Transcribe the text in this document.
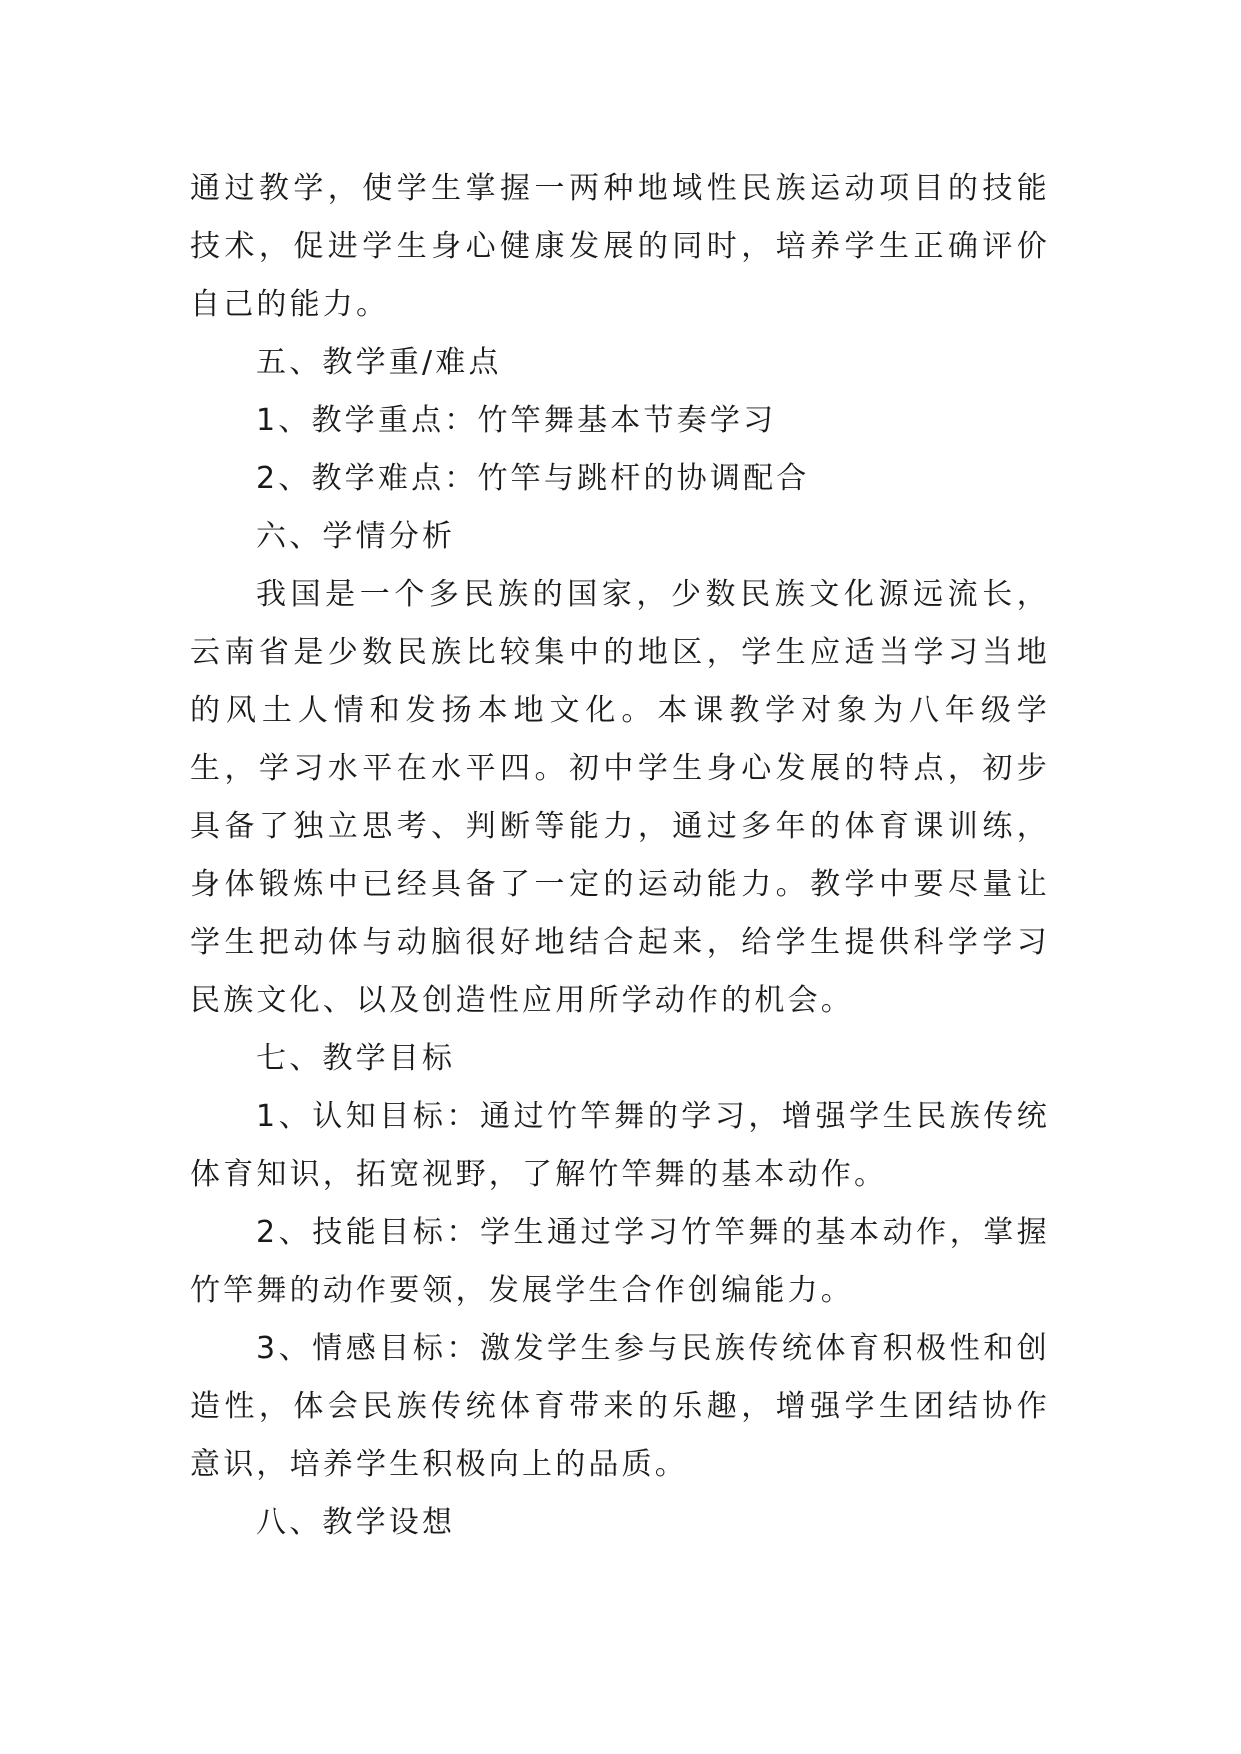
通过教学，使学生掌握一两种地域性民族运动项目的技能技术，促进学生身心健康发展的同时，培养学生正确评价自己的能力。

五、教学重/难点

1、教学重点：竹竿舞基本节奏学习

2、教学难点：竹竿与跳杆的协调配合

六、学情分析

我国是一个多民族的国家，少数民族文化源远流长，云南省是少数民族比较集中的地区，学生应适当学习当地的风土人情和发扬本地文化。本课教学对象为八年级学生，学习水平在水平四。初中学生身心发展的特点，初步具备了独立思考、判断等能力，通过多年的体育课训练，身体锻炼中已经具备了一定的运动能力。教学中要尽量让学生把动体与动脑很好地结合起来，给学生提供科学学习民族文化、以及创造性应用所学动作的机会。

七、教学目标

1、认知目标：通过竹竿舞的学习，增强学生民族传统体育知识，拓宽视野，了解竹竿舞的基本动作。

2、技能目标：学生通过学习竹竿舞的基本动作，掌握竹竿舞的动作要领，发展学生合作创编能力。

3、情感目标：激发学生参与民族传统体育积极性和创造性，体会民族传统体育带来的乐趣，增强学生团结协作意识，培养学生积极向上的品质。

八、教学设想
